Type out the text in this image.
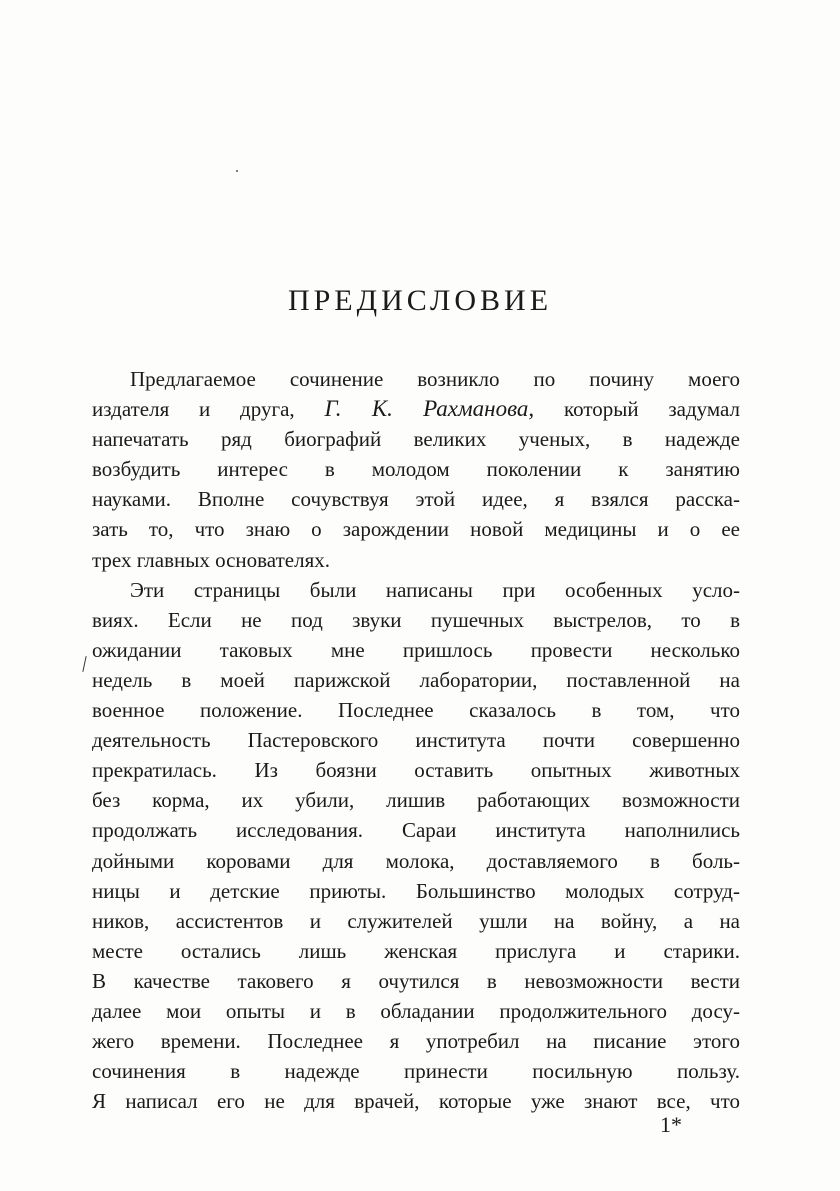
ПРЕДИСЛОВИЕ
Предлагаемое сочинение возникло по почину моего
издателя и друга, Г. К. Рахманова, который задумал
напечатать ряд биографий великих ученых, в надежде
возбудить интерес в молодом поколении к занятию
науками. Вполне сочувствуя этой идее, я взялся расска-
зать то, что знаю о зарождении новой медицины и о ее
трех главных основателях.
Эти страницы были написаны при особенных усло-
виях. Если не под звуки пушечных выстрелов, то в
ожидании таковых мне пришлось провести несколько
недель в моей парижской лаборатории, поставленной на
военное положение. Последнее сказалось в том, что
деятельность Пастеровского института почти совершенно
прекратилась. Из боязни оставить опытных животных
без корма, их убили, лишив работающих возможности
продолжать исследования. Сараи института наполнились
дойными коровами для молока, доставляемого в боль-
ницы и детские приюты. Большинство молодых сотруд-
ников, ассистентов и служителей ушли на войну, а на
месте остались лишь женская прислуга и старики.
В качестве таковего я очутился в невозможности вести
далее мои опыты и в обладании продолжительного досу-
жего времени. Последнее я употребил на писание этого
сочинения в надежде принести посильную пользу.
Я написал его не для врачей, которые уже знают все, что
1*
